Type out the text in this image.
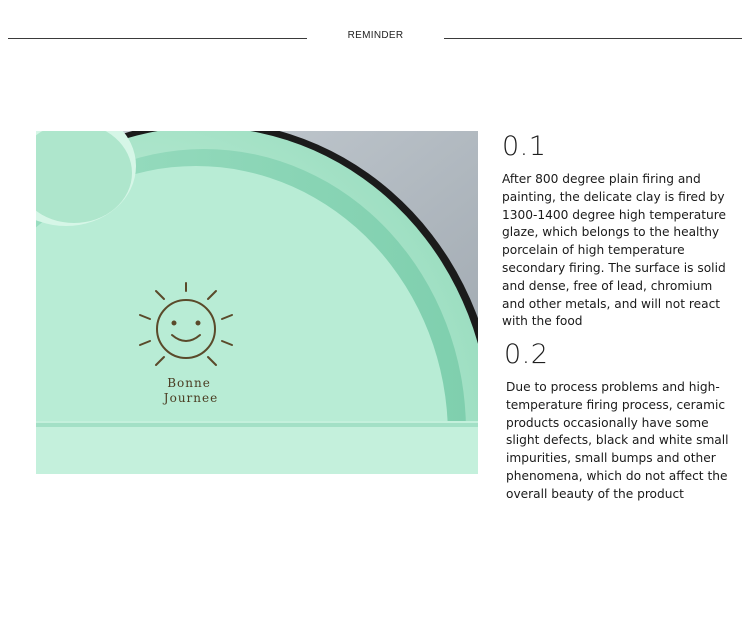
REMINDER
Bonne
Journee
0.1

After 800 degree plain firing and painting, the delicate clay is fired by 1300-1400 degree high temperature glaze, which belongs to the healthy porcelain of high temperature secondary firing. The surface is solid and dense, free of lead, chromium and other metals, and will not react with the food

0.2

Due to process problems and high-temperature firing process, ceramic products occasionally have some slight defects, black and white small impurities, small bumps and other phenomena, which do not affect the overall beauty of the product
